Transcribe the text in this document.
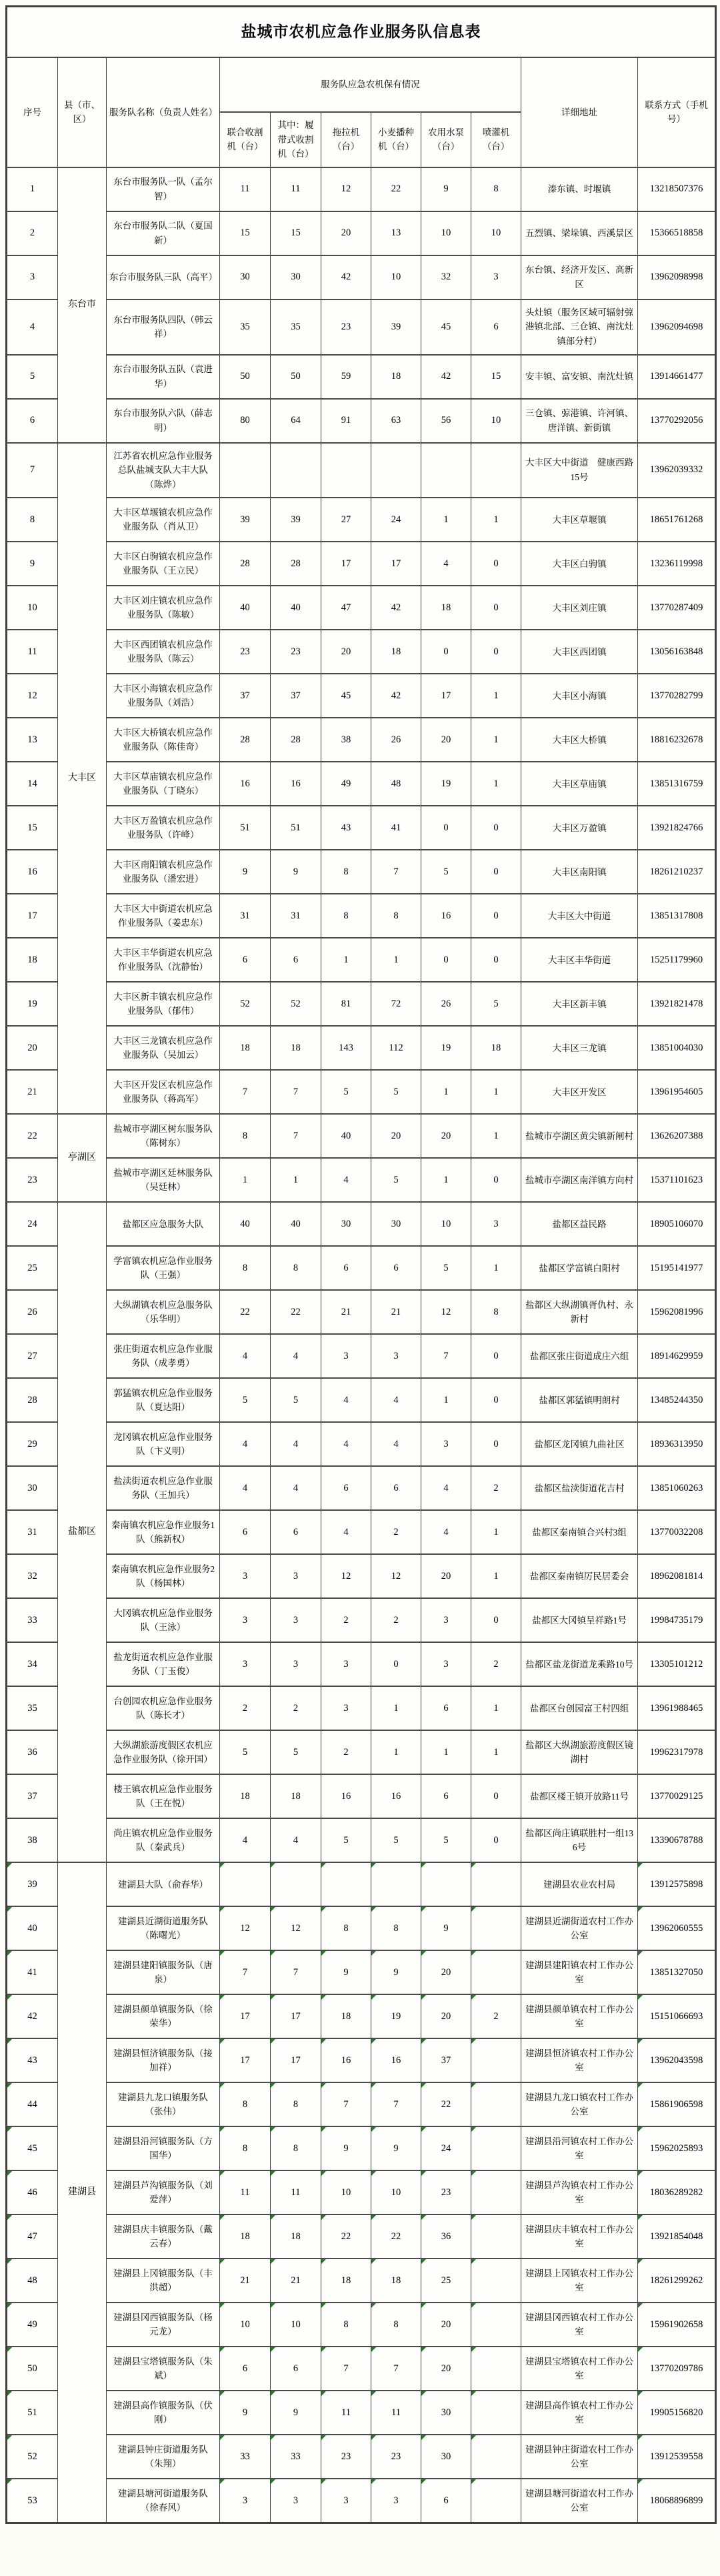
盐城市农机应急作业服务队信息表										
序号	县（市、区）	服务队名称（负责人姓名）	服务队应急农机保有情况						详细地址	联系方式（手机号）
			联合收割机（台）	其中：履带式收割机（台）	拖拉机（台）	小麦播种机（台）	农用水泵（台）	喷灌机（台）		
1	东台市	东台市服务队一队（孟尔智）	11	11	12	22	9	8	溱东镇、时堰镇	13218507376
2		东台市服务队二队（夏国新）	15	15	20	13	10	10	五烈镇、梁垛镇、西溪景区	15366518858
3		东台市服务队三队（高平）	30	30	42	10	32	3	东台镇、经济开发区、高新区	13962098998
4		东台市服务队四队（韩云祥）	35	35	23	39	45	6	头灶镇（服务区域可辐射弶港镇北部、三仓镇、南沈灶镇部分村）	13962094698
5		东台市服务队五队（袁进华）	50	50	59	18	42	15	安丰镇、富安镇、南沈灶镇	13914661477
6		东台市服务队六队（薛志明）	80	64	91	63	56	10	三仓镇、弶港镇、许河镇、唐洋镇、新街镇	13770292056
7	大丰区	江苏省农机应急作业服务总队盐城支队大丰大队（陈烨）							大丰区大中街道　健康西路15号	13962039332
8		大丰区草堰镇农机应急作业服务队（肖从卫）	39	39	27	24	1	1	大丰区草堰镇	18651761268
9		大丰区白驹镇农机应急作业服务队（王立民）	28	28	17	17	4	0	大丰区白驹镇	13236119998
10		大丰区刘庄镇农机应急作业服务队（陈敏）	40	40	47	42	18	0	大丰区刘庄镇	13770287409
11		大丰区西团镇农机应急作业服务队（陈云）	23	23	20	18	0	0	大丰区西团镇	13056163848
12		大丰区小海镇农机应急作业服务队（刘浩）	37	37	45	42	17	1	大丰区小海镇	13770282799
13		大丰区大桥镇农机应急作业服务队（陈佳奇）	28	28	38	26	20	1	大丰区大桥镇	18816232678
14		大丰区草庙镇农机应急作业服务队（丁晓东）	16	16	49	48	19	1	大丰区草庙镇	13851316759
15		大丰区万盈镇农机应急作业服务队（许峰）	51	51	43	41	0	0	大丰区万盈镇	13921824766
16		大丰区南阳镇农机应急作业服务队（潘宏进）	9	9	8	7	5	0	大丰区南阳镇	18261210237
17		大丰区大中街道农机应急作业服务队（姜忠东）	31	31	8	8	16	0	大丰区大中街道	13851317808
18		大丰区丰华街道农机应急作业服务队（沈静怡）	6	6	1	1	0	0	大丰区丰华街道	15251179960
19		大丰区新丰镇农机应急作业服务队（郁伟）	52	52	81	72	26	5	大丰区新丰镇	13921821478
20		大丰区三龙镇农机应急作业服务队（吴加云）	18	18	143	112	19	18	大丰区三龙镇	13851004030
21		大丰区开发区农机应急作业服务队（蒋高军）	7	7	5	5	1	1	大丰区开发区	13961954605
22	亭湖区	盐城市亭湖区树东服务队（陈树东）	8	7	40	20	20	1	盐城市亭湖区黄尖镇新闸村	13626207388
23		盐城市亭湖区廷林服务队（吴廷林）	1	1	4	5	1	0	盐城市亭湖区南洋镇方向村	15371101623
24	盐都区	盐都区应急服务大队	40	40	30	30	10	3	盐都区益民路	18905106070
25		学富镇农机应急作业服务队（王强）	8	8	6	6	5	1	盐都区学富镇白阳村	15195141977
26		大纵湖镇农机应急服务队（乐华明）	22	22	21	21	12	8	盐都区大纵湖镇胥仇村、永新村	15962081996
27		张庄街道农机应急作业服务队（成孝勇）	4	4	3	3	7	0	盐都区张庄街道成庄六组	18914629959
28		郭猛镇农机应急作业服务队（夏达阳）	5	5	4	4	1	0	盐都区郭猛镇明朗村	13485244350
29		龙冈镇农机应急作业服务队（卞义明）	4	4	4	4	3	0	盐都区龙冈镇九曲社区	18936313950
30		盐渎街道农机应急作业服务队（王加兵）	4	4	6	6	4	2	盐都区盐渎街道花吉村	13851060263
31		秦南镇农机应急作业服务1队（熊新权）	6	6	4	2	4	1	盐都区秦南镇合兴村3组	13770032208
32		秦南镇农机应急作业服务2队（杨国林）	3	3	12	12	20	1	盐都区秦南镇厉民居委会	18962081814
33		大冈镇农机应急作业服务队（王泳）	3	3	2	2	3	0	盐都区大冈镇呈祥路1号	19984735179
34		盐龙街道农机应急作业服务队（丁玉俊）	3	3	3	0	3	2	盐都区盐龙街道龙乘路10号	13305101212
35		台创园农机应急作业服务队（陈长才）	2	2	3	1	6	1	盐都区台创园富王村四组	13961988465
36		大纵湖旅游度假区农机应急作业服务队（徐开国）	5	5	2	1	1	1	盐都区大纵湖旅游度假区镜湖村	19962317978
37		楼王镇农机应急作业服务队（王在悦）	18	18	16	16	6	0	盐都区楼王镇开放路11号	13770029125
38		尚庄镇农机应急作业服务队（秦武兵）	4	4	5	5	5	0	盐都区尚庄镇联胜村一组136号	13390678788
39	建湖县	建湖县大队（俞春华）							建湖县农业农村局	13912575898
40		建湖县近湖街道服务队（陈曙光）	12	12	8	8	9		建湖县近湖街道农村工作办公室	13962060555
41		建湖县建阳镇服务队（唐泉）	7	7	9	9	20		建湖县建阳镇农村工作办公室	13851327050
42		建湖县颜单镇服务队（徐荣华）	17	17	18	19	20	2	建湖县颜单镇农村工作办公室	15151066693
43		建湖县恒济镇服务队（接加祥）	17	17	16	16	37		建湖县恒济镇农村工作办公室	13962043598
44		建湖县九龙口镇服务队（张伟）	8	8	7	7	22		建湖县九龙口镇农村工作办公室	15861906598
45		建湖县沿河镇服务队（方国华）	8	8	9	9	24		建湖县沿河镇农村工作办公室	15962025893
46		建湖县芦沟镇服务队（刘爱萍）	11	11	10	10	23		建湖县芦沟镇农村工作办公室	18036289282
47		建湖县庆丰镇服务队（戴云春）	18	18	22	22	36		建湖县庆丰镇农村工作办公室	13921854048
48		建湖县上冈镇服务队（丰洪超）	21	21	18	18	25		建湖县上冈镇农村工作办公室	18261299262
49		建湖县冈西镇服务队（杨元龙）	10	10	8	8	20		建湖县冈西镇农村工作办公室	15961902658
50		建湖县宝塔镇服务队（朱斌）	6	6	7	7	20		建湖县宝塔镇农村工作办公室	13770209786
51		建湖县高作镇服务队（伏刚）	9	9	11	11	30		建湖县高作镇农村工作办公室	19905156820
52		建湖县钟庄街道服务队（朱翔）	33	33	23	23	30		建湖县钟庄街道农村工作办公室	13912539558
53		建湖县塘河街道服务队（徐春风）	3	3	3	3	6		建湖县塘河街道农村工作办公室	18068896899
